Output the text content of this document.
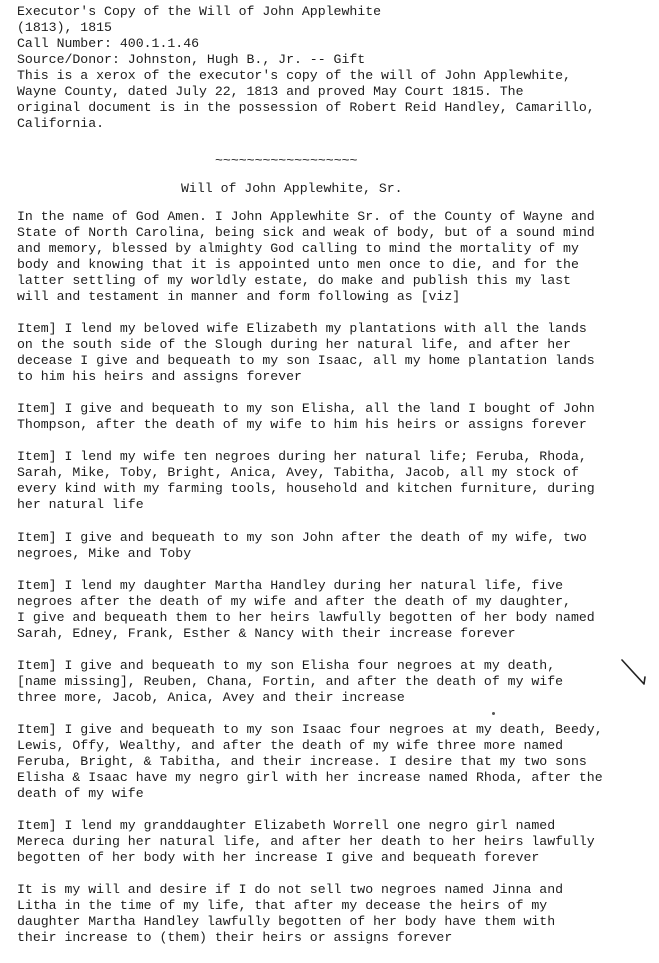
Executor's Copy of the Will of John Applewhite
(1813), 1815
Call Number: 400.1.1.46
Source/Donor: Johnston, Hugh B., Jr. -- Gift
This is a xerox of the executor's copy of the will of John Applewhite,
Wayne County, dated July 22, 1813 and proved May Court 1815. The
original document is in the possession of Robert Reid Handley, Camarillo,
California.
~~~~~~~~~~~~~~~~~~
Will of John Applewhite, Sr.
In the name of God Amen. I John Applewhite Sr. of the County of Wayne and
State of North Carolina, being sick and weak of body, but of a sound mind
and memory, blessed by almighty God calling to mind the mortality of my
body and knowing that it is appointed unto men once to die, and for the
latter settling of my worldly estate, do make and publish this my last
will and testament in manner and form following as [viz]
Item] I lend my beloved wife Elizabeth my plantations with all the lands
on the south side of the Slough during her natural life, and after her
decease I give and bequeath to my son Isaac, all my home plantation lands
to him his heirs and assigns forever
Item] I give and bequeath to my son Elisha, all the land I bought of John
Thompson, after the death of my wife to him his heirs or assigns forever
Item] I lend my wife ten negroes during her natural life; Feruba, Rhoda,
Sarah, Mike, Toby, Bright, Anica, Avey, Tabitha, Jacob, all my stock of
every kind with my farming tools, household and kitchen furniture, during
her natural life
Item] I give and bequeath to my son John after the death of my wife, two
negroes, Mike and Toby
Item] I lend my daughter Martha Handley during her natural life, five
negroes after the death of my wife and after the death of my daughter,
I give and bequeath them to her heirs lawfully begotten of her body named
Sarah, Edney, Frank, Esther & Nancy with their increase forever
Item] I give and bequeath to my son Elisha four negroes at my death,
[name missing], Reuben, Chana, Fortin, and after the death of my wife
three more, Jacob, Anica, Avey and their increase
Item] I give and bequeath to my son Isaac four negroes at my death, Beedy,
Lewis, Offy, Wealthy, and after the death of my wife three more named
Feruba, Bright, & Tabitha, and their increase. I desire that my two sons
Elisha & Isaac have my negro girl with her increase named Rhoda, after the
death of my wife
Item] I lend my granddaughter Elizabeth Worrell one negro girl named
Mereca during her natural life, and after her death to her heirs lawfully
begotten of her body with her increase I give and bequeath forever
It is my will and desire if I do not sell two negroes named Jinna and
Litha in the time of my life, that after my decease the heirs of my
daughter Martha Handley lawfully begotten of her body have them with
their increase to (them) their heirs or assigns forever
